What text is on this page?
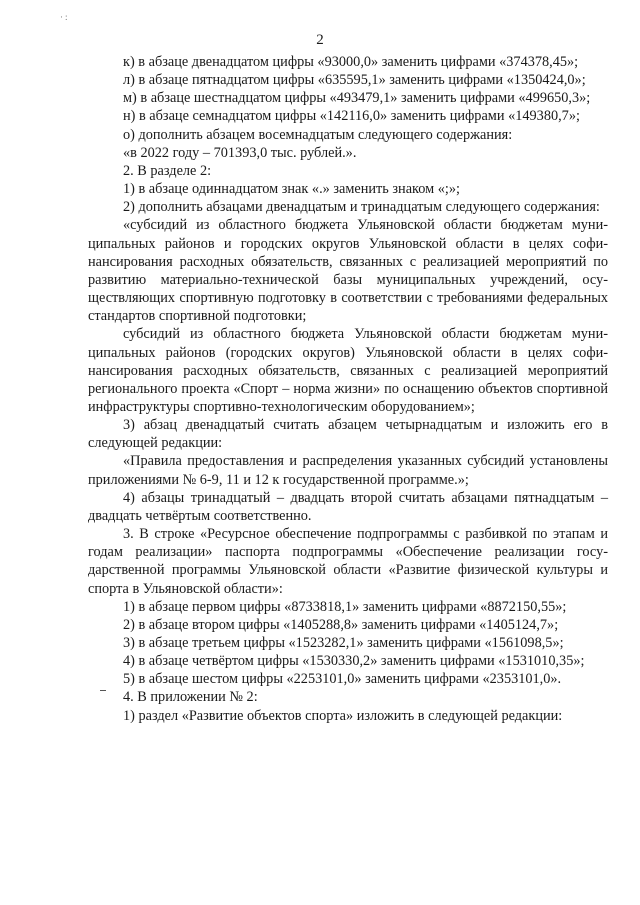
·:
2

к) в абзаце двенадцатом цифры «93000,0» заменить цифрами «374378,45»;

л) в абзаце пятнадцатом цифры «635595,1» заменить цифрами «1350424,0»;

м) в абзаце шестнадцатом цифры «493479,1» заменить цифрами «499650,3»;

н) в абзаце семнадцатом цифры «142116,0» заменить цифрами «149380,7»;

о) дополнить абзацем восемнадцатым следующего содержания:

«в 2022 году – 701393,0 тыс. рублей.».

2. В разделе 2:

1) в абзаце одиннадцатом знак «.» заменить знаком «;»;

2) дополнить абзацами двенадцатым и тринадцатым следующего содержания:

«субсидий из областного бюджета Ульяновской области бюджетам муниципальных районов и городских округов Ульяновской области в целях софинансирования расходных обязательств, связанных с реализацией мероприятий по развитию материально-технической базы муниципальных учреждений, осуществляющих спортивную подготовку в соответствии с требованиями федеральных стандартов спортивной подготовки;

субсидий из областного бюджета Ульяновской области бюджетам муниципальных районов (городских округов) Ульяновской области в целях софинансирования расходных обязательств, связанных с реализацией мероприятий регионального проекта «Спорт – норма жизни» по оснащению объектов спортивной инфраструктуры спортивно-технологическим оборудованием»;

3) абзац двенадцатый считать абзацем четырнадцатым и изложить его в следующей редакции:

«Правила предоставления и распределения указанных субсидий установлены приложениями № 6-9, 11 и 12 к государственной программе.»;

4) абзацы тринадцатый – двадцать второй считать абзацами пятнадцатым – двадцать четвёртым соответственно.

3. В строке «Ресурсное обеспечение подпрограммы с разбивкой по этапам и годам реализации» паспорта подпрограммы «Обеспечение реализации государственной программы Ульяновской области «Развитие физической культуры и спорта в Ульяновской области»:

1) в абзаце первом цифры «8733818,1» заменить цифрами «8872150,55»;

2) в абзаце втором цифры «1405288,8» заменить цифрами «1405124,7»;

3) в абзаце третьем цифры «1523282,1» заменить цифрами «1561098,5»;

4) в абзаце четвёртом цифры «1530330,2» заменить цифрами «1531010,35»;

5) в абзаце шестом цифры «2253101,0» заменить цифрами «2353101,0».

4. В приложении № 2:

1) раздел «Развитие объектов спорта» изложить в следующей редакции:
